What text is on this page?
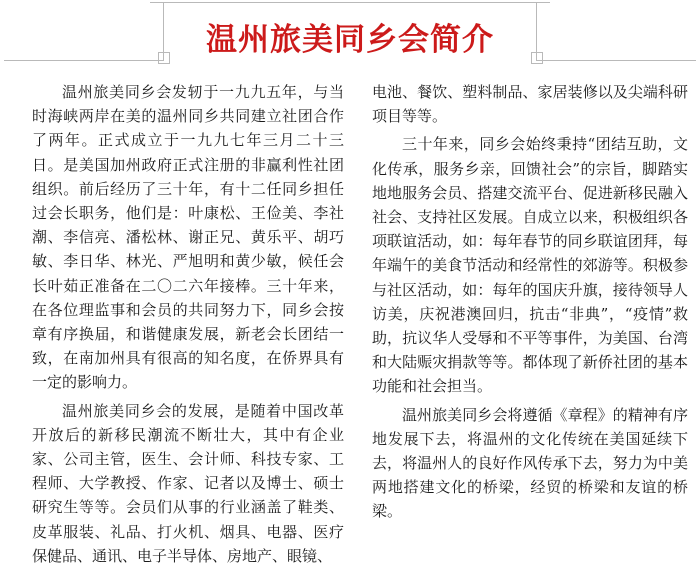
温州旅美同乡会简介

温州旅美同乡会发轫于一九九五年，与当时海峡两岸在美的温州同乡共同建立社团合作了两年。正式成立于一九九七年三月二十三日。是美国加州政府正式注册的非赢利性社团组织。前后经历了三十年，有十二任同乡担任过会长职务，他们是：叶康松、王俭美、李社潮、李信亮、潘松林、谢正兄、黄乐平、胡巧敏、李日华、林光、严旭明和黄少敏，候任会长叶茹正准备在二〇二六年接棒。三十年来，在各位理监事和会员的共同努力下，同乡会按章有序换届，和谐健康发展，新老会长团结一致，在南加州具有很高的知名度，在侨界具有一定的影响力。

温州旅美同乡会的发展，是随着中国改革开放后的新移民潮流不断壮大，其中有企业家、公司主管，医生、会计师、科技专家、工程师、大学教授、作家、记者以及博士、硕士研究生等等。会员们从事的行业涵盖了鞋类、皮革服装、礼品、打火机、烟具、电器、医疗保健品、通讯、电子半导体、房地产、眼镜、

电池、餐饮、塑料制品、家居装修以及尖端科研项目等等。

三十年来，同乡会始终秉持“团结互助，文化传承，服务乡亲，回馈社会”的宗旨，脚踏实地地服务会员、搭建交流平台、促进新移民融入社会、支持社区发展。自成立以来，积极组织各项联谊活动，如：每年春节的同乡联谊团拜，每年端午的美食节活动和经常性的郊游等。积极参与社区活动，如：每年的国庆升旗，接待领导人访美，庆祝港澳回归，抗击“非典”，“疫情”救助，抗议华人受辱和不平等事件，为美国、台湾和大陆赈灾捐款等等。都体现了新侨社团的基本功能和社会担当。

温州旅美同乡会将遵循《章程》的精神有序地发展下去，将温州的文化传统在美国延续下去，将温州人的良好作风传承下去，努力为中美两地搭建文化的桥梁，经贸的桥梁和友谊的桥梁。
